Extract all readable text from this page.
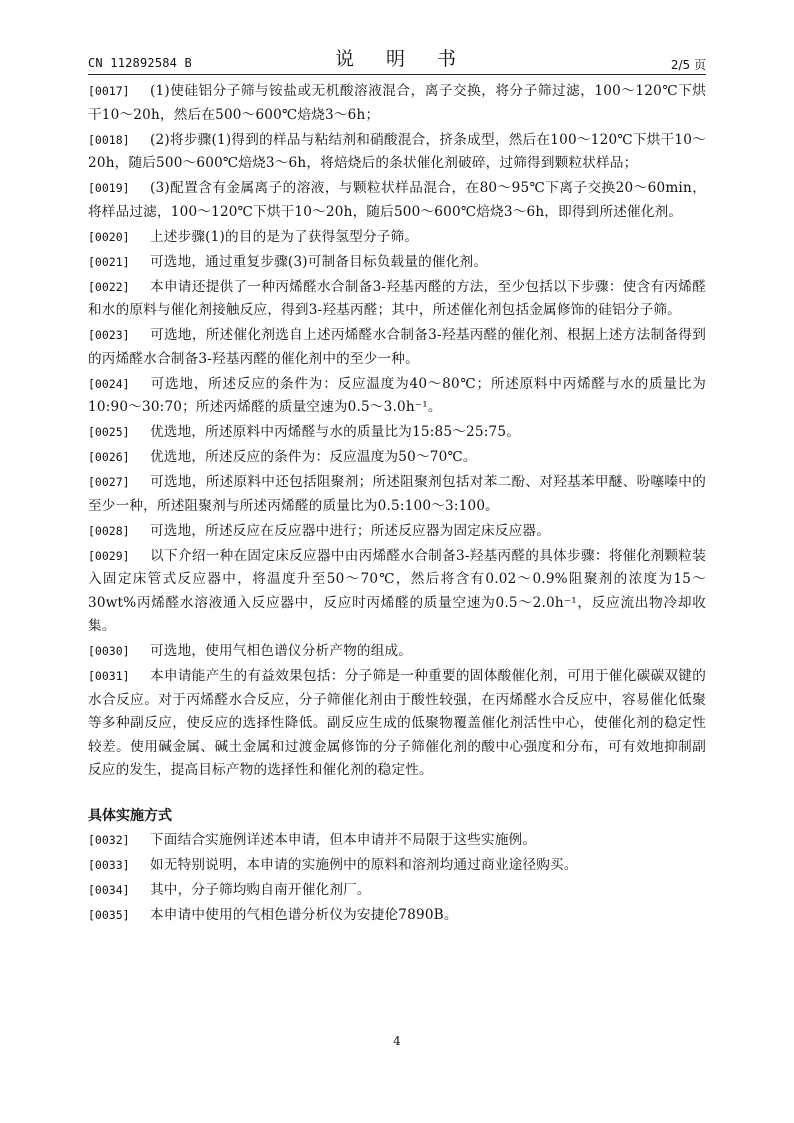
CN 112892584 B	说 明 书	2/5 页
[0017] (1)使硅铝分子筛与铵盐或无机酸溶液混合，离子交换，将分子筛过滤，100～120℃下烘干10～20h，然后在500～600℃焙烧3～6h；
[0018] (2)将步骤(1)得到的样品与粘结剂和硝酸混合，挤条成型，然后在100～120℃下烘干10～20h，随后500～600℃焙烧3～6h，将焙烧后的条状催化剂破碎，过筛得到颗粒状样品；
[0019] (3)配置含有金属离子的溶液，与颗粒状样品混合，在80～95℃下离子交换20～60min，将样品过滤，100～120℃下烘干10～20h，随后500～600℃焙烧3～6h，即得到所述催化剂。
[0020] 上述步骤(1)的目的是为了获得氢型分子筛。
[0021] 可选地，通过重复步骤(3)可制备目标负载量的催化剂。
[0022] 本申请还提供了一种丙烯醛水合制备3-羟基丙醛的方法，至少包括以下步骤：使含有丙烯醛和水的原料与催化剂接触反应，得到3-羟基丙醛；其中，所述催化剂包括金属修饰的硅铝分子筛。
[0023] 可选地，所述催化剂选自上述丙烯醛水合制备3-羟基丙醛的催化剂、根据上述方法制备得到的丙烯醛水合制备3-羟基丙醛的催化剂中的至少一种。
[0024] 可选地，所述反应的条件为：反应温度为40～80℃；所述原料中丙烯醛与水的质量比为10:90～30:70；所述丙烯醛的质量空速为0.5～3.0h⁻¹。
[0025] 优选地，所述原料中丙烯醛与水的质量比为15:85～25:75。
[0026] 优选地，所述反应的条件为：反应温度为50～70℃。
[0027] 可选地，所述原料中还包括阻聚剂；所述阻聚剂包括对苯二酚、对羟基苯甲醚、吩噻嗪中的至少一种，所述阻聚剂与所述丙烯醛的质量比为0.5:100～3:100。
[0028] 可选地，所述反应在反应器中进行；所述反应器为固定床反应器。
[0029] 以下介绍一种在固定床反应器中由丙烯醛水合制备3-羟基丙醛的具体步骤：将催化剂颗粒装入固定床管式反应器中，将温度升至50～70℃，然后将含有0.02～0.9%阻聚剂的浓度为15～30wt%丙烯醛水溶液通入反应器中，反应时丙烯醛的质量空速为0.5～2.0h⁻¹，反应流出物冷却收集。
[0030] 可选地，使用气相色谱仪分析产物的组成。
[0031] 本申请能产生的有益效果包括：分子筛是一种重要的固体酸催化剂，可用于催化碳碳双键的水合反应。对于丙烯醛水合反应，分子筛催化剂由于酸性较强，在丙烯醛水合反应中，容易催化低聚等多种副反应，使反应的选择性降低。副反应生成的低聚物覆盖催化剂活性中心，使催化剂的稳定性较差。使用碱金属、碱土金属和过渡金属修饰的分子筛催化剂的酸中心强度和分布，可有效地抑制副反应的发生，提高目标产物的选择性和催化剂的稳定性。
具体实施方式
[0032] 下面结合实施例详述本申请，但本申请并不局限于这些实施例。
[0033] 如无特别说明，本申请的实施例中的原料和溶剂均通过商业途径购买。
[0034] 其中，分子筛均购自南开催化剂厂。
[0035] 本申请中使用的气相色谱分析仪为安捷伦7890B。
4
